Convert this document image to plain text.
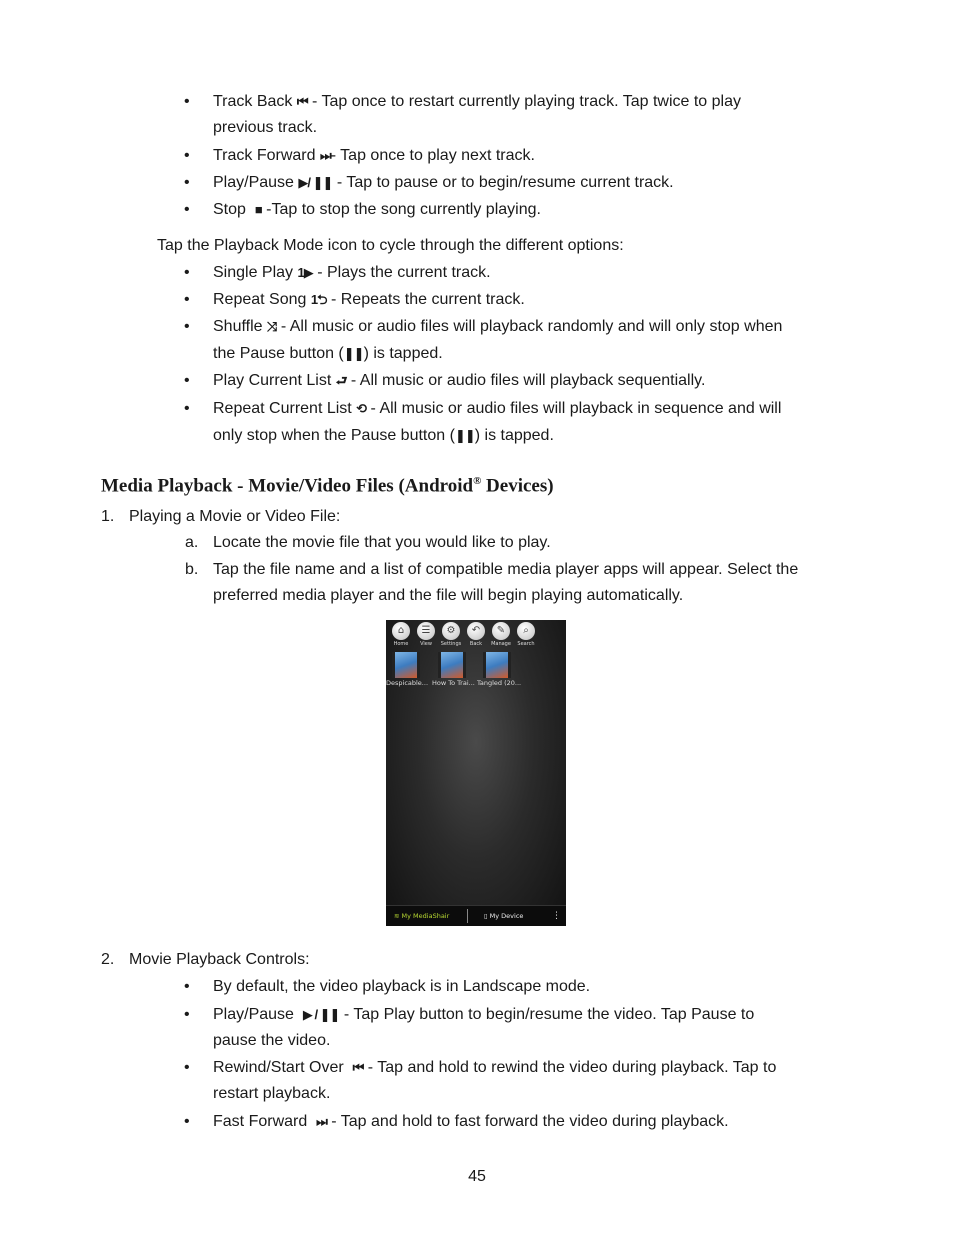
• Track Back ⏮ - Tap once to restart currently playing track. Tap twice to play
previous track.
• Track Forward ⏭- Tap once to play next track.
• Play/Pause ▶/ ❚❚ - Tap to pause or to begin/resume current track.
• Stop ■ -Tap to stop the song currently playing.
Tap the Playback Mode icon to cycle through the different options:
• Single Play 1▶ - Plays the current track.
• Repeat Song 1⮌ - Repeats the current track.
• Shuffle ⤨ - All music or audio files will playback randomly and will only stop when
the Pause button (❚❚) is tapped.
• Play Current List ⮐ - All music or audio files will playback sequentially.
• Repeat Current List ⟲ - All music or audio files will playback in sequence and will
only stop when the Pause button (❚❚) is tapped.
Media Playback - Movie/Video Files (Android® Devices)
1. Playing a Movie or Video File:
a. Locate the movie file that you would like to play.
b. Tap the file name and a list of compatible media player apps will appear. Select the
preferred media player and the file will begin playing automatically.
⌂
Home
☰
View
⚙
Settings
↶
Back
✎
Manage
⌕
Search
Despicable... How To Trai... Tangled (20...
≋ My MediaShair	▯ My Device	⋮
2. Movie Playback Controls:
• By default, the video playback is in Landscape mode.
• Play/Pause ▶ / ❚❚ - Tap Play button to begin/resume the video. Tap Pause to
pause the video.
• Rewind/Start Over ⏮ - Tap and hold to rewind the video during playback. Tap to
restart playback.
• Fast Forward ⏭ - Tap and hold to fast forward the video during playback.
45
